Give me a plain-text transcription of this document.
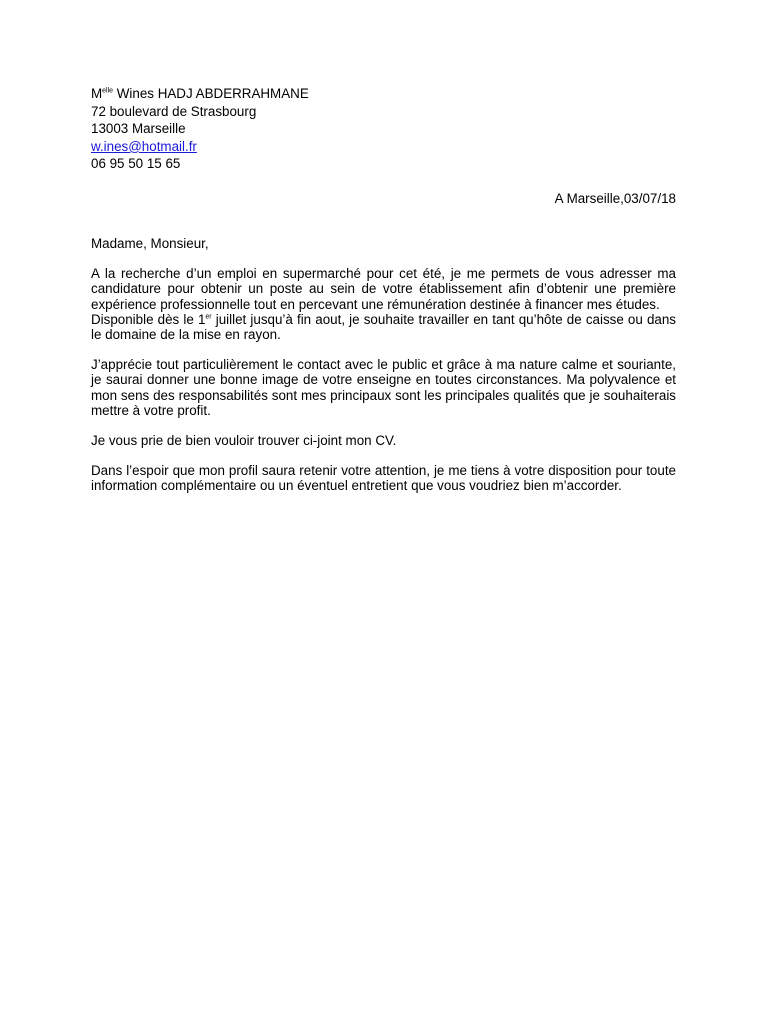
$M^{elle}$ Wines HADJ ABDERRAHMANE
72 boulevard de Strasbourg
13003 Marseille
w.ines@hotmail.fr
06 95 50 15 65
A Marseille,03/07/18
Madame, Monsieur,
A la recherche d’un emploi en supermarché pour cet été, je me permets de vous adresser ma candidature pour obtenir un poste au sein de votre établissement afin d’obtenir une première expérience professionnelle tout en percevant une rémunération destinée à financer mes études.
Disponible dès le 1er juillet jusqu’à fin aout, je souhaite travailler en tant qu’hôte de caisse ou dans le domaine de la mise en rayon.
J’apprécie tout particulièrement le contact avec le public et grâce à ma nature calme et souriante, je saurai donner une bonne image de votre enseigne en toutes circonstances. Ma polyvalence et mon sens des responsabilités sont mes principaux sont les principales qualités que je souhaiterais mettre à votre profit.
Je vous prie de bien vouloir trouver ci-joint mon CV.
Dans l’espoir que mon profil saura retenir votre attention, je me tiens à votre disposition pour toute information complémentaire ou un éventuel entretient que vous voudriez bien m’accorder.
